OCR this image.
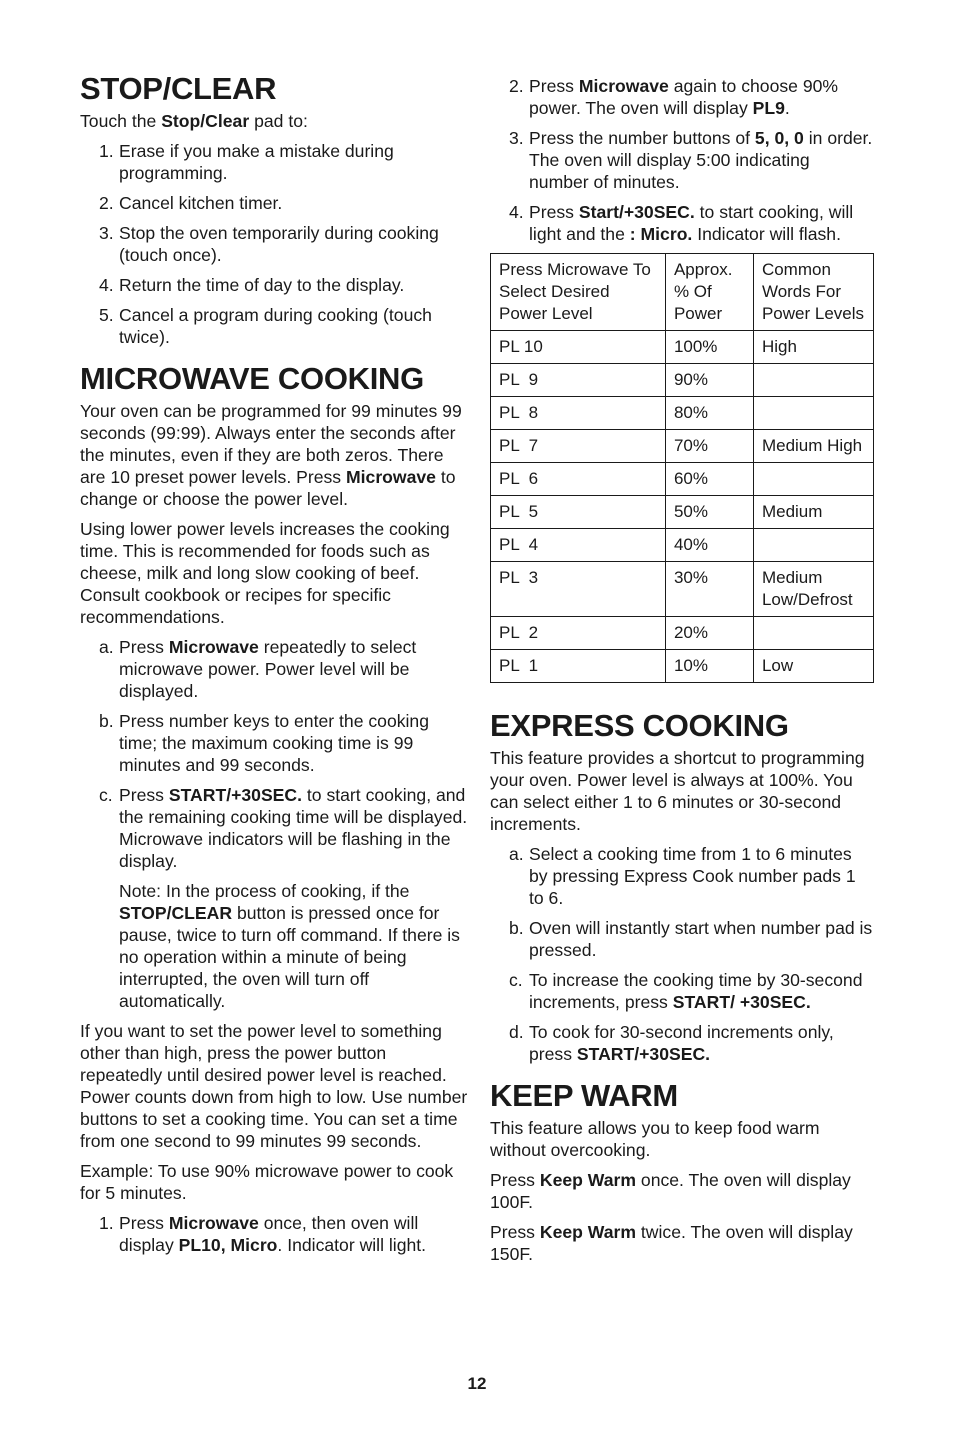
STOP/CLEAR

Touch the Stop/Clear pad to:

1. Erase if you make a mistake during programming.
2. Cancel kitchen timer.
3. Stop the oven temporarily during cooking (touch once).
4. Return the time of day to the display.
5. Cancel a program during cooking (touch twice).
MICROWAVE COOKING

Your oven can be programmed for 99 minutes 99 seconds (99:99). Always enter the seconds after the minutes, even if they are both zeros. There are 10 preset power levels. Press Microwave to change or choose the power level.

Using lower power levels increases the cooking time. This is recommended for foods such as cheese, milk and long slow cooking of beef. Consult cookbook or recipes for specific recommendations.

a. Press Microwave repeatedly to select microwave power. Power level will be displayed.
b. Press number keys to enter the cooking time; the maximum cooking time is 99 minutes and 99 seconds.
c. Press START/+30SEC. to start cooking, and the remaining cooking time will be displayed. Microwave indicators will be flashing in the display.

Note: In the process of cooking, if the STOP/CLEAR button is pressed once for pause, twice to turn off command. If there is no operation within a minute of being interrupted, the oven will turn off automatically.

If you want to set the power level to something other than high, press the power button repeatedly until desired power level is reached. Power counts down from high to low. Use number buttons to set a cooking time. You can set a time from one second to 99 minutes 99 seconds.

Example: To use 90% microwave power to cook for 5 minutes.

1. Press Microwave once, then oven will display PL10, Micro. Indicator will light.
2. Press Microwave again to choose 90% power. The oven will display PL9.
3. Press the number buttons of 5, 0, 0 in order. The oven will display 5:00 indicating number of minutes.
4. Press Start/+30SEC. to start cooking, will light and the : Micro. Indicator will flash.
Press Microwave To Select Desired Power Level	Approx. % Of Power	Common Words For Power Levels
PL 10	100%	High
PL  9	90%	
PL  8	80%	
PL  7	70%	Medium High
PL  6	60%	
PL  5	50%	Medium
PL  4	40%	
PL  3	30%	Medium Low/Defrost
PL  2	20%	
PL  1	10%	Low
EXPRESS COOKING

This feature provides a shortcut to programming your oven. Power level is always at 100%. You can select either 1 to 6 minutes or 30-second increments.

a. Select a cooking time from 1 to 6 minutes by pressing Express Cook number pads 1 to 6.
b. Oven will instantly start when number pad is pressed.
c. To increase the cooking time by 30-second increments, press START/ +30SEC.
d. To cook for 30-second increments only, press START/+30SEC.
KEEP WARM

This feature allows you to keep food warm without overcooking.

Press Keep Warm once. The oven will display 100F.

Press Keep Warm twice. The oven will display 150F.

12
